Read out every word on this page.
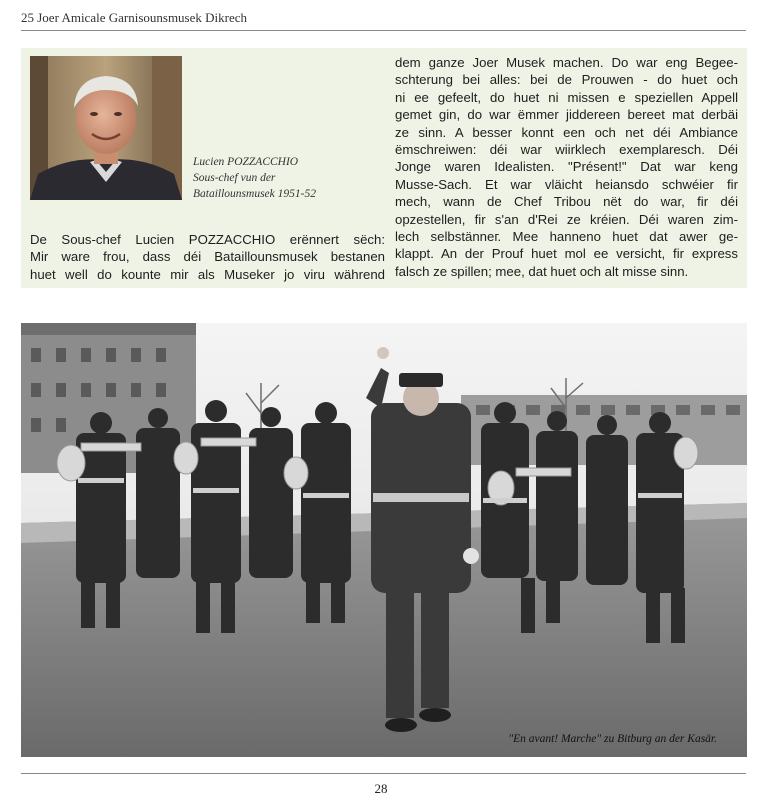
25 Joer Amicale Garnisounsmusek Dikrech
Lucien POZZACCHIO
Sous-chef vun der
Bataillounsmusek 1951-52
De Sous-chef Lucien POZZACCHIO erënnert sëch:
Mir ware frou, dass déi Bataillounsmusek bestanen
huet well do kounte mir als Museker jo viru während
dem ganze Joer Musek machen. Do war eng Begee-
schterung bei alles: bei de Prouwen - do huet och
ni ee gefeelt, do huet ni missen e speziellen Appell
gemet gin, do war ëmmer jiddereen bereet mat derbäi
ze sinn. A besser konnt een och net déi Ambiance
ëmschreiwen: déi war wiirklech exemplaresch. Déi
Jonge waren Idealisten. "Présent!" Dat war keng
Musse-Sach. Et war vläicht heiansdo schwéier fir
mech, wann de Chef Tribou nët do war, fir déi
opzestellen, fir s'an d'Rei ze kréien. Déi waren zim-
lech selbstännег. Mee hanneno huet dat awer ge-
klappt. An der Prouf huet mol ee versicht, fir express
falsch ze spillen; mee, dat huet och alt misse sinn.
"En avant! Marche" zu Bitburg an der Kasär.
28
